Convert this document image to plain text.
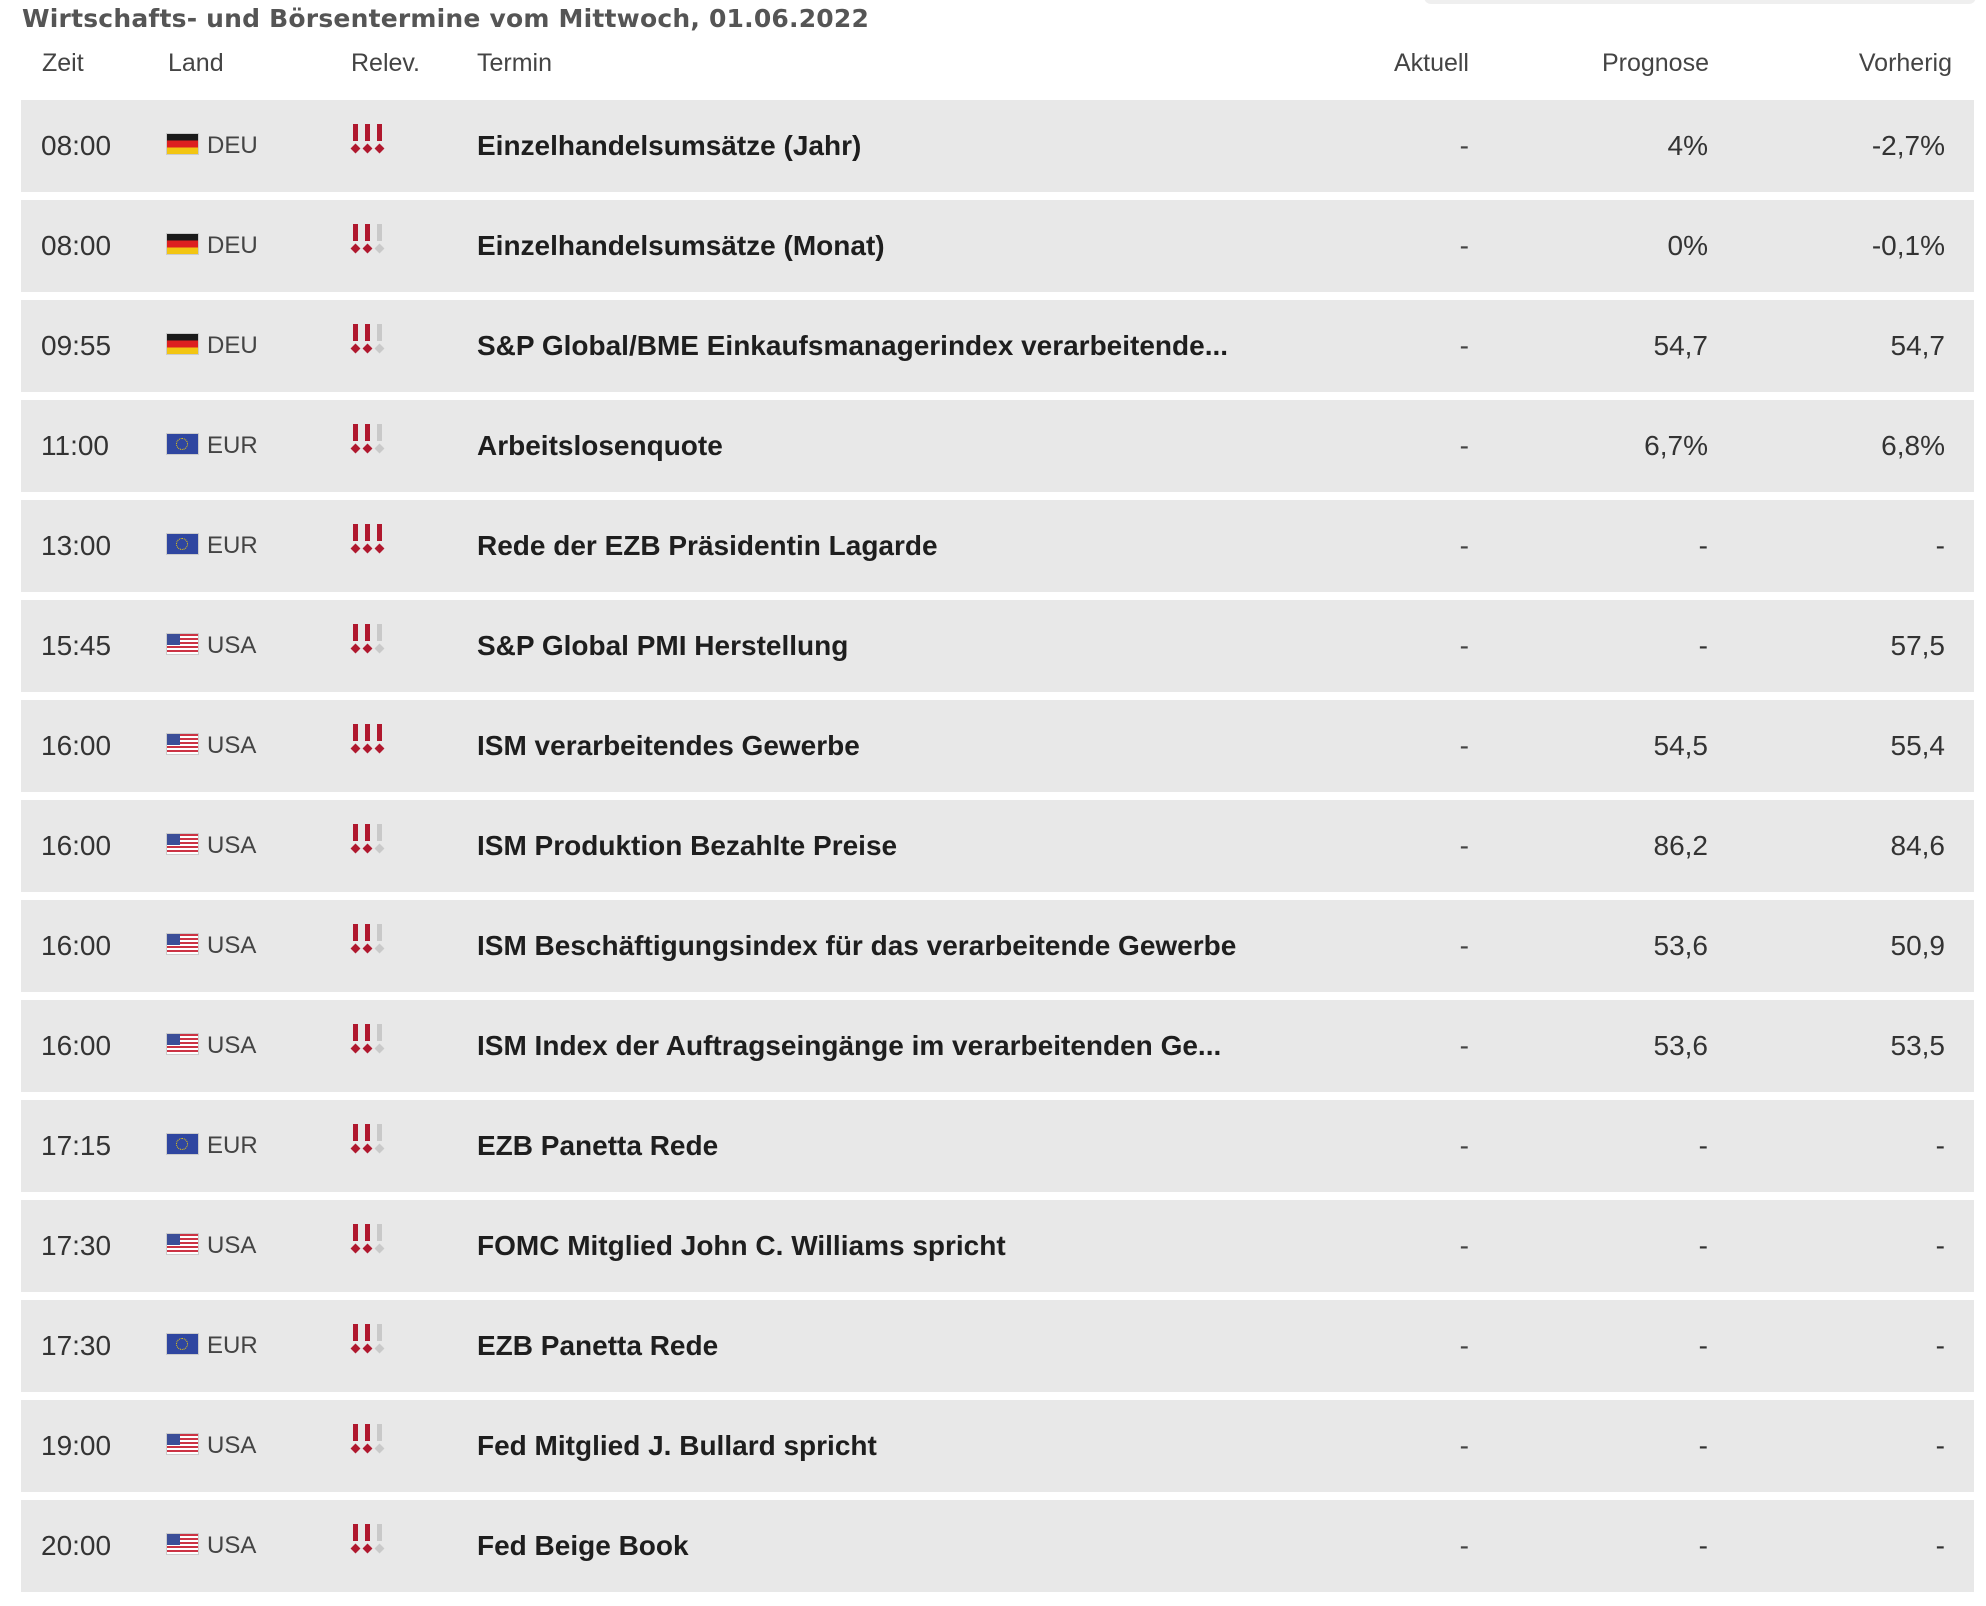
Wirtschafts- und Börsentermine vom Mittwoch, 01.06.2022
Zeit	Land	Relev. Termin	Aktuell	Prognose	Vorherig
08:00	DEU	Einzelhandelsumsätze (Jahr)	-	4%	-2,7%
08:00	DEU	Einzelhandelsumsätze (Monat)	-	0%	-0,1%
09:55	DEU	S&P Global/BME Einkaufsmanagerindex verarbeitende...	-	54,7	54,7
11:00	EUR	Arbeitslosenquote	-	6,7%	6,8%
13:00	EUR	Rede der EZB Präsidentin Lagarde	-	-	-
15:45	USA	S&P Global PMI Herstellung	-	-	57,5
16:00	USA	ISM verarbeitendes Gewerbe	-	54,5	55,4
16:00	USA	ISM Produktion Bezahlte Preise	-	86,2	84,6
16:00	USA	ISM Beschäftigungsindex für das verarbeitende Gewerbe	-	53,6	50,9
16:00	USA	ISM Index der Auftragseingänge im verarbeitenden Ge...	-	53,6	53,5
17:15	EUR	EZB Panetta Rede	-	-	-
17:30	USA	FOMC Mitglied John C. Williams spricht	-	-	-
17:30	EUR	EZB Panetta Rede	-	-	-
19:00	USA	Fed Mitglied J. Bullard spricht	-	-	-
20:00	USA	Fed Beige Book	-	-	-
